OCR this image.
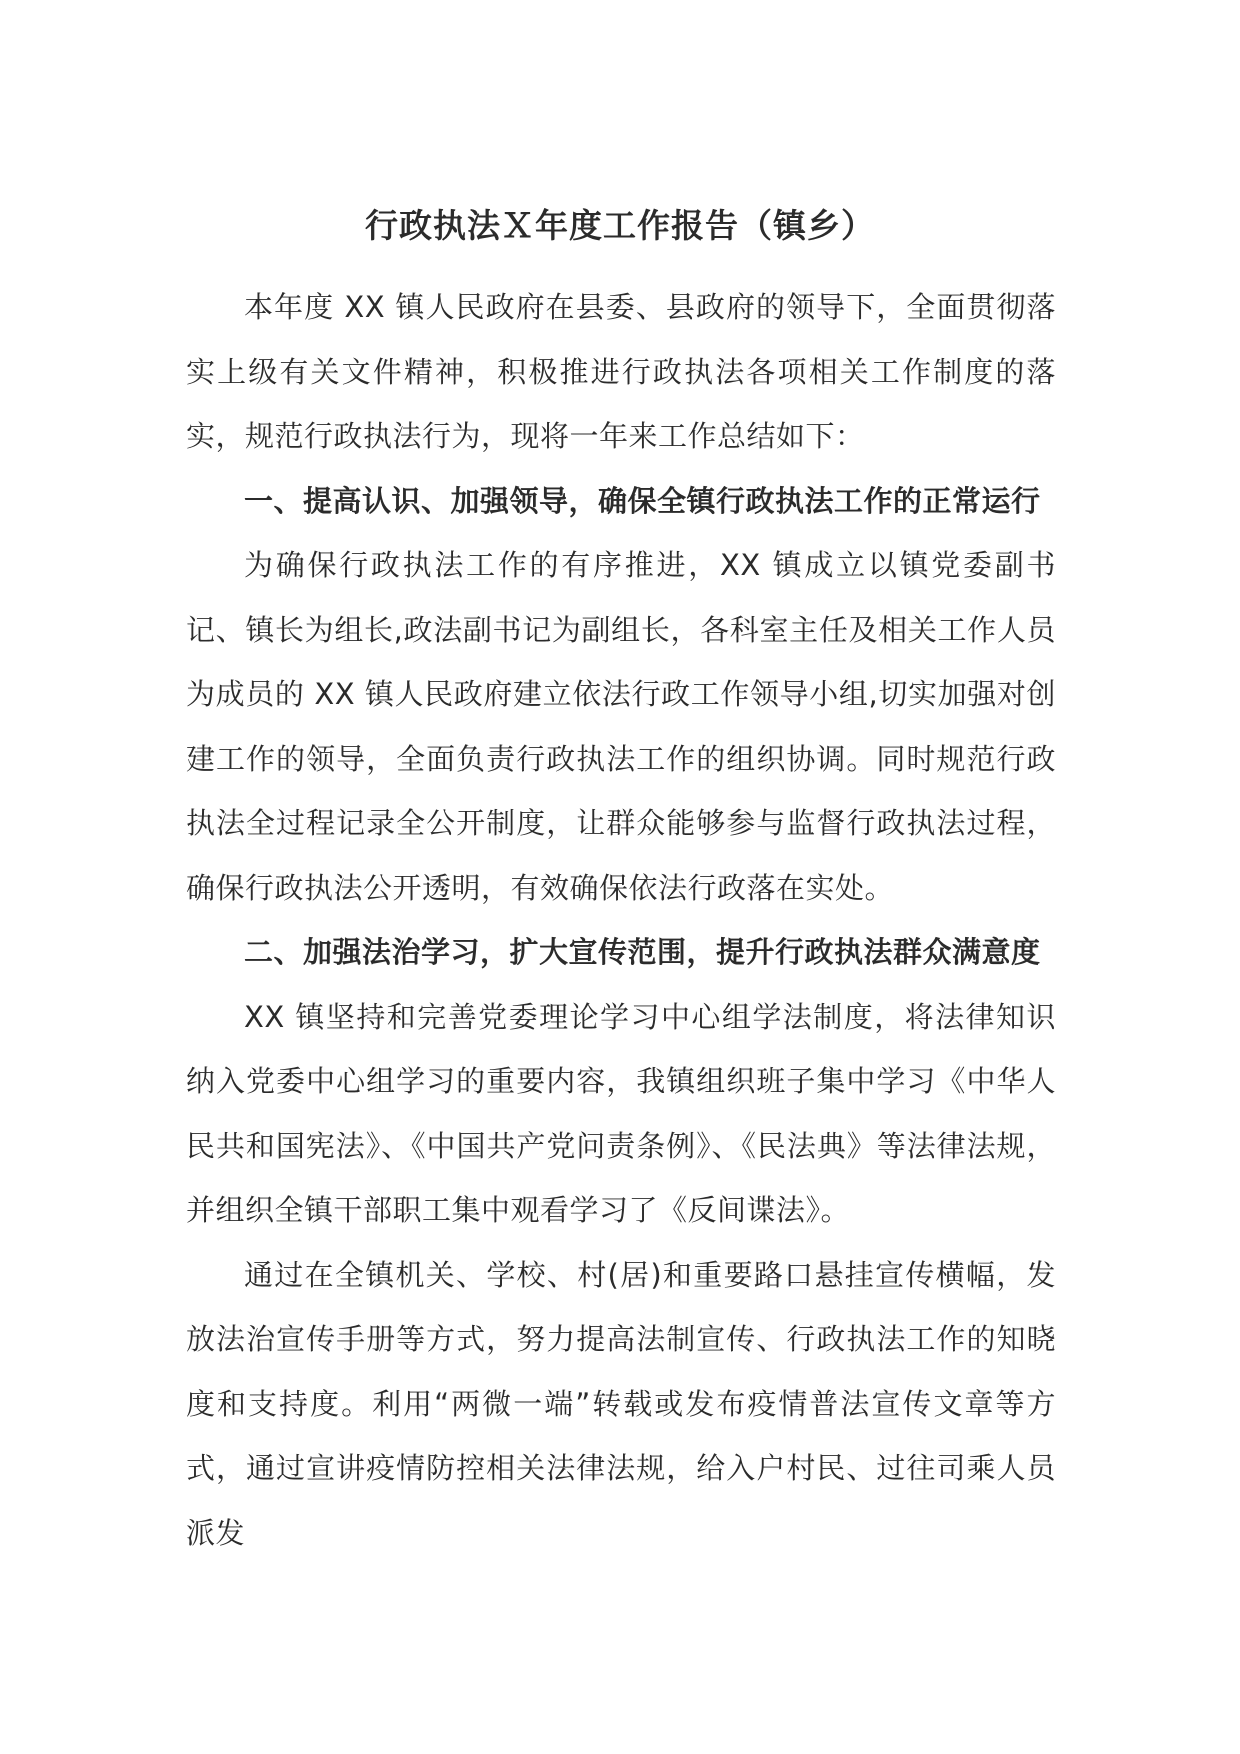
行政执法Ｘ年度工作报告（镇乡）

本年度 XX 镇人民政府在县委、县政府的领导下，全面贯彻落实上级有关文件精神，积极推进行政执法各项相关工作制度的落实，规范行政执法行为，现将一年来工作总结如下：

一、提高认识、加强领导，确保全镇行政执法工作的正常运行

为确保行政执法工作的有序推进，XX 镇成立以镇党委副书记、镇长为组长,政法副书记为副组长，各科室主任及相关工作人员为成员的 XX 镇人民政府建立依法行政工作领导小组,切实加强对创建工作的领导，全面负责行政执法工作的组织协调。同时规范行政执法全过程记录全公开制度，让群众能够参与监督行政执法过程，确保行政执法公开透明，有效确保依法行政落在实处。

二、加强法治学习，扩大宣传范围，提升行政执法群众满意度

XX 镇坚持和完善党委理论学习中心组学法制度，将法律知识纳入党委中心组学习的重要内容，我镇组织班子集中学习《中华人民共和国宪法》、《中国共产党问责条例》、《民法典》等法律法规，并组织全镇干部职工集中观看学习了《反间谍法》。

通过在全镇机关、学校、村(居)和重要路口悬挂宣传横幅，发放法治宣传手册等方式，努力提高法制宣传、行政执法工作的知晓度和支持度。利用“两微一端”转载或发布疫情普法宣传文章等方式，通过宣讲疫情防控相关法律法规，给入户村民、过往司乘人员派发
